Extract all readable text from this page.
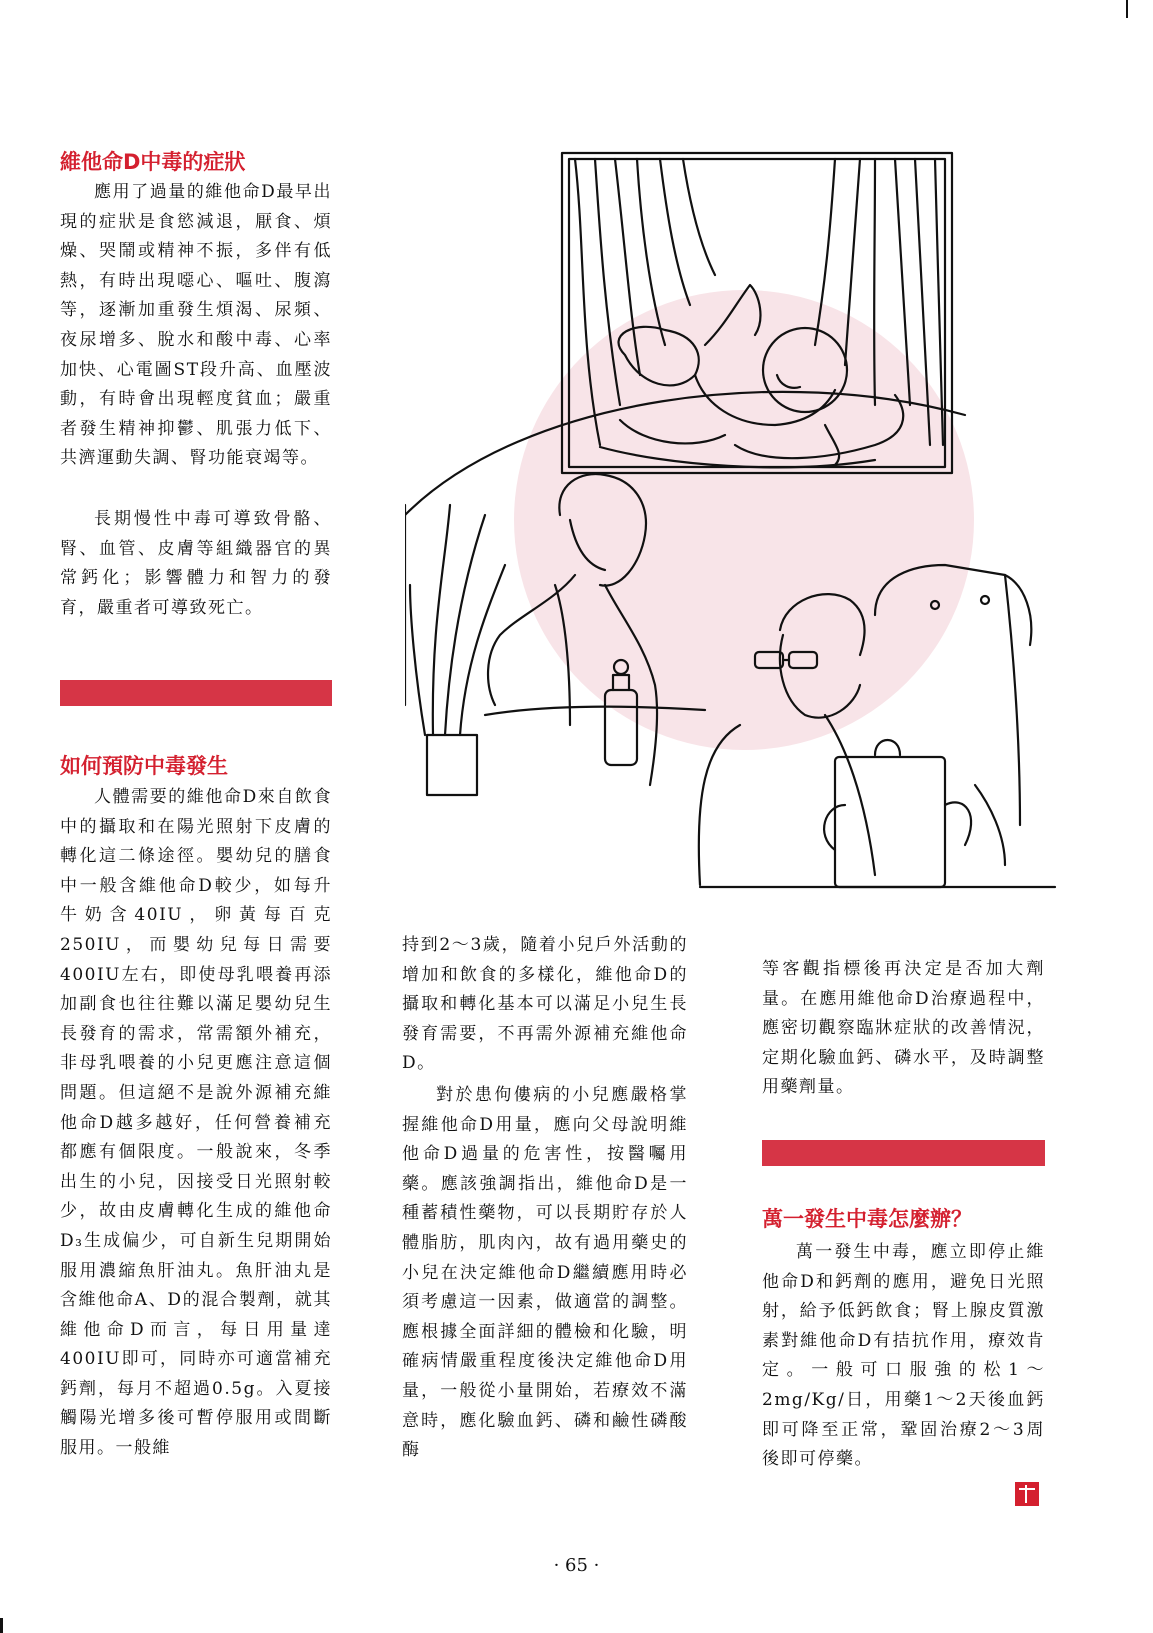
維他命D中毒的症狀

應用了過量的維他命D最早出現的症狀是食慾減退，厭食、煩燥、哭鬧或精神不振，多伴有低熱，有時出現噁心、嘔吐、腹瀉等，逐漸加重發生煩渴、尿頻、夜尿增多、脫水和酸中毒、心率加快、心電圖ST段升高、血壓波動，有時會出現輕度貧血；嚴重者發生精神抑鬱、肌張力低下、共濟運動失調、腎功能衰竭等。

長期慢性中毒可導致骨骼、腎、血管、皮膚等組織器官的異常鈣化；影響體力和智力的發育，嚴重者可導致死亡。

如何預防中毒發生

人體需要的維他命D來自飲食中的攝取和在陽光照射下皮膚的轉化這二條途徑。嬰幼兒的膳食中一般含維他命D較少，如每升牛奶含40IU，卵黃每百克250IU，而嬰幼兒每日需要400IU左右，即使母乳喂養再添加副食也往往難以滿足嬰幼兒生長發育的需求，常需額外補充，非母乳喂養的小兒更應注意這個問題。但這絕不是說外源補充維他命D越多越好，任何營養補充都應有個限度。一般說來，冬季出生的小兒，因接受日光照射較少，故由皮膚轉化生成的維他命D₃生成偏少，可自新生兒期開始服用濃縮魚肝油丸。魚肝油丸是含維他命A、D的混合製劑，就其維他命D而言，每日用量達400IU即可，同時亦可適當補充鈣劑，每月不超過0.5g。入夏接觸陽光增多後可暫停服用或間斷服用。一般維

持到2～3歲，隨着小兒戶外活動的增加和飲食的多樣化，維他命D的攝取和轉化基本可以滿足小兒生長發育需要，不再需外源補充維他命D。

對於患佝僂病的小兒應嚴格掌握維他命D用量，應向父母說明維他命D過量的危害性，按醫囑用藥。應該強調指出，維他命D是一種蓄積性藥物，可以長期貯存於人體脂肪，肌肉內，故有過用藥史的小兒在決定維他命D繼續應用時必須考慮這一因素，做適當的調整。應根據全面詳細的體檢和化驗，明確病情嚴重程度後決定維他命D用量，一般從小量開始，若療效不滿意時，應化驗血鈣、磷和鹼性磷酸酶

等客觀指標後再決定是否加大劑量。在應用維他命D治療過程中，應密切觀察臨牀症狀的改善情況，定期化驗血鈣、磷水平，及時調整用藥劑量。

萬一發生中毒怎麼辦？

萬一發生中毒，應立即停止維他命D和鈣劑的應用，避免日光照射，給予低鈣飲食；腎上腺皮質激素對維他命D有拮抗作用，療效肯定。一般可口服強的松1～2mg/Kg/日，用藥1～2天後血鈣即可降至正常，鞏固治療2～3周後即可停藥。

· 65 ·
